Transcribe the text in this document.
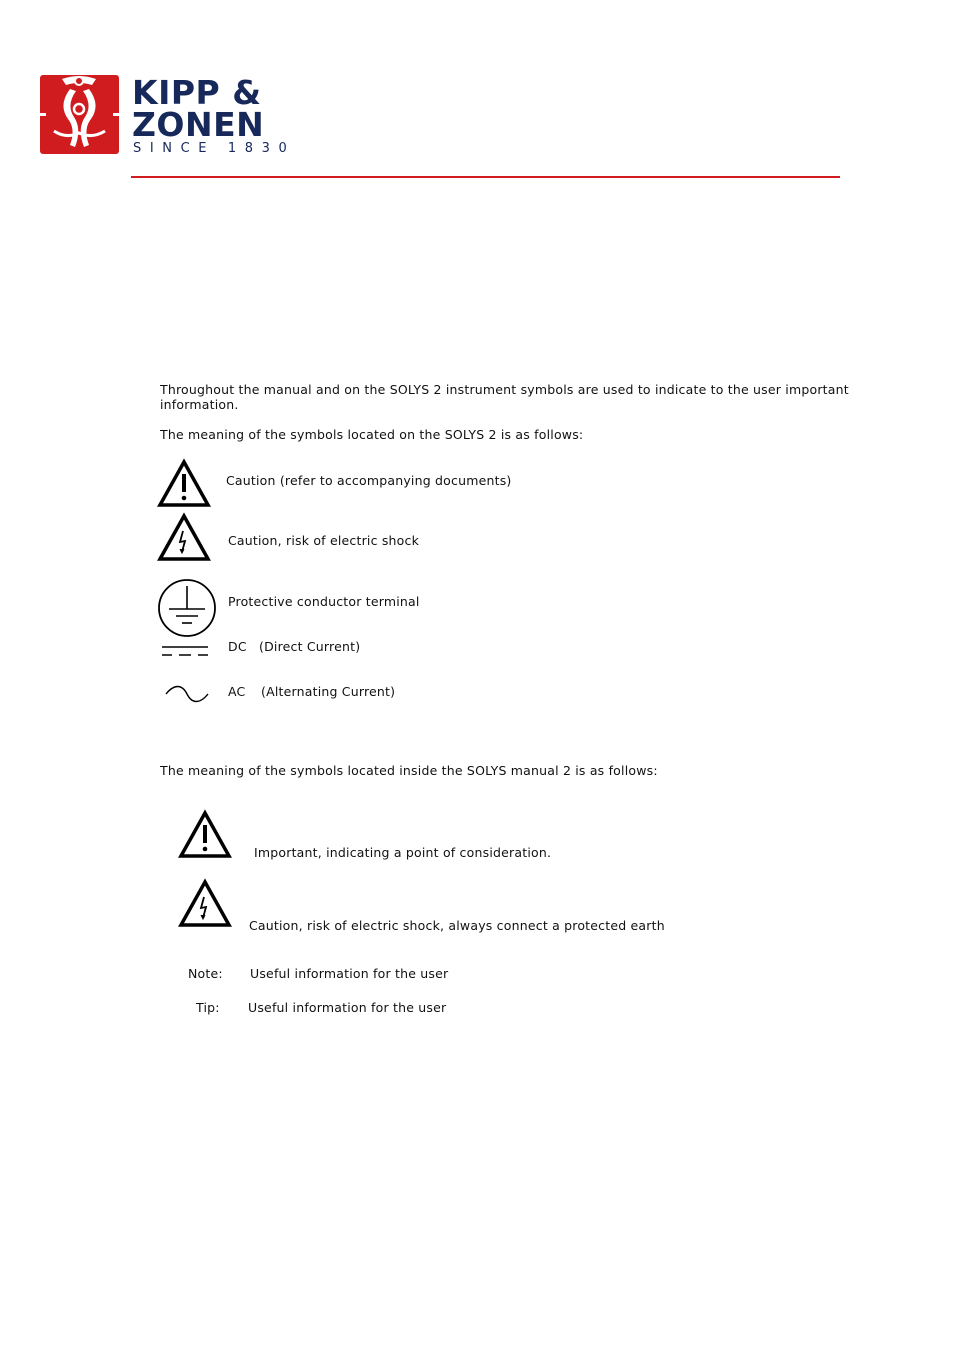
KIPP &
ZONEN
SINCE 1830
Throughout the manual and on the SOLYS 2 instrument symbols are used to indicate to the user important
information.
The meaning of the symbols located on the SOLYS 2 is as follows:
Caution (refer to accompanying documents)
Caution, risk of electric shock
Protective conductor terminal
DC (Direct Current)
AC (Alternating Current)
The meaning of the symbols located inside the SOLYS manual 2 is as follows:
Important, indicating a point of consideration.
Caution, risk of electric shock, always connect a protected earth
Note: Useful information for the user
Tip: Useful information for the user
